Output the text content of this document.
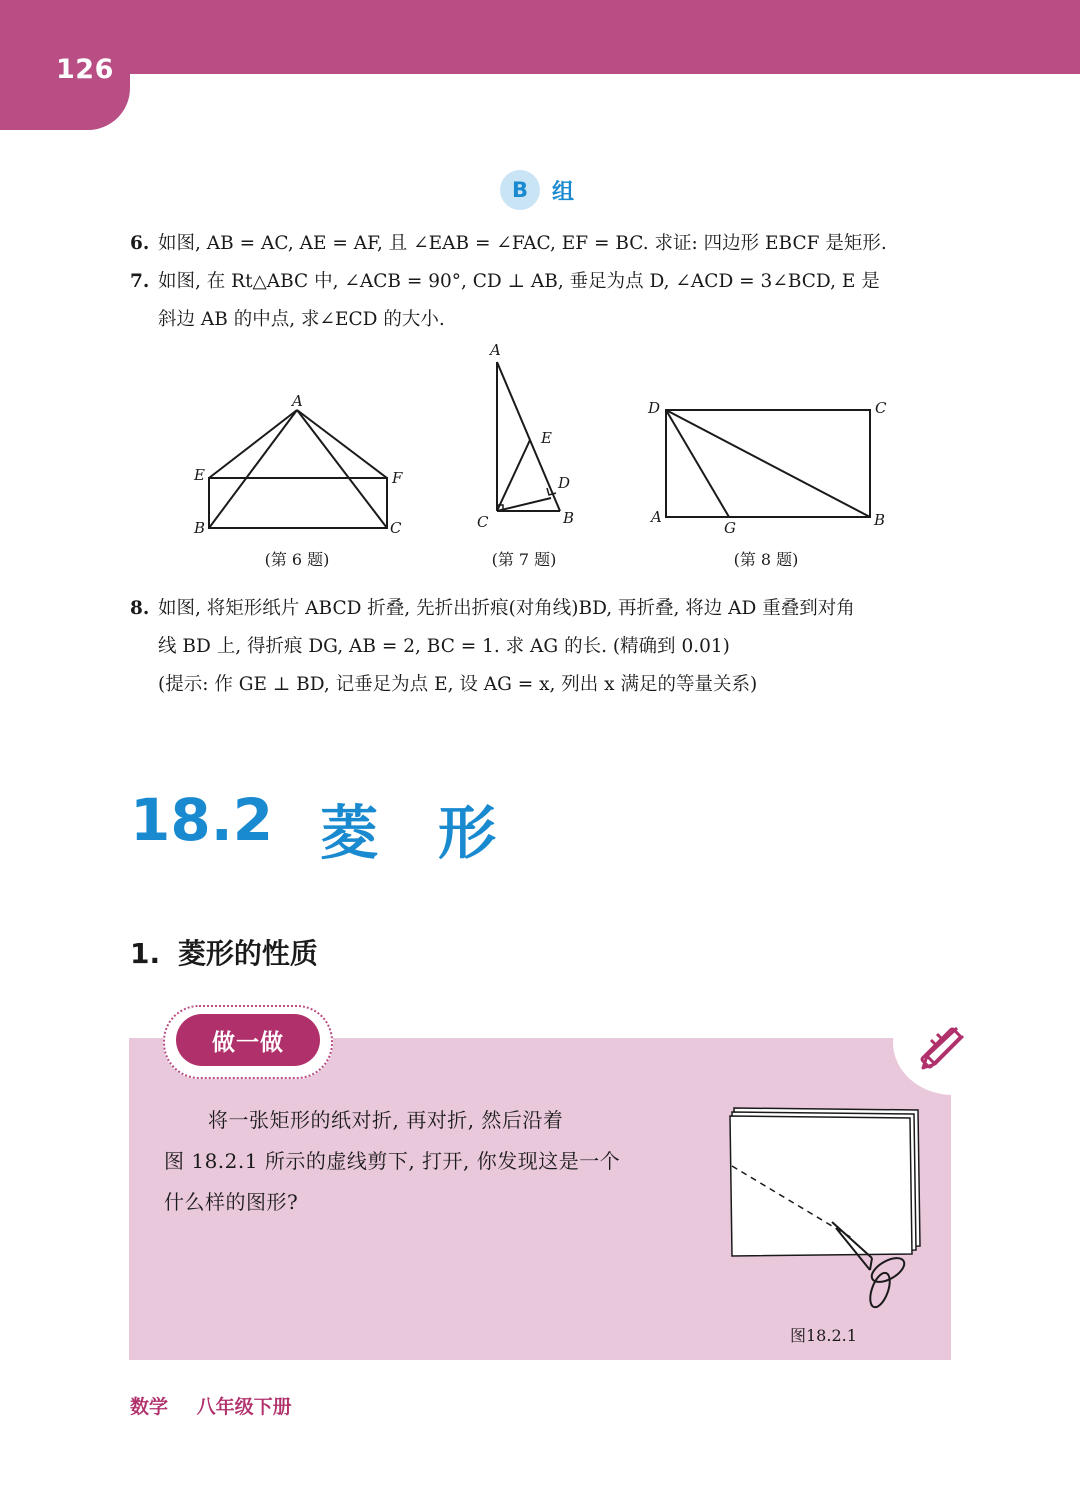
126
B	组
6. 如图, AB = AC, AE = AF, 且 ∠EAB = ∠FAC, EF = BC. 求证: 四边形 EBCF 是矩形.
7. 如图, 在 Rt△ABC 中, ∠ACB = 90°, CD ⊥ AB, 垂足为点 D, ∠ACD = 3∠BCD, E 是
斜边 AB 的中点, 求∠ECD 的大小.
A
E	F
B	C
(第 6 题)
A
E
D
C	B
(第 7 题)
D	C
A
G	B
(第 8 题)
8. 如图, 将矩形纸片 ABCD 折叠, 先折出折痕(对角线)BD, 再折叠, 将边 AD 重叠到对角
线 BD 上, 得折痕 DG, AB = 2, BC = 1. 求 AG 的长. (精确到 0.01)
(提示: 作 GE ⊥ BD, 记垂足为点 E, 设 AG = x, 列出 x 满足的等量关系)
18.2 菱 形
1. 菱形的性质
做一做
将一张矩形的纸对折, 再对折, 然后沿着
图 18.2.1 所示的虚线剪下, 打开, 你发现这是一个
什么样的图形?
图18.2.1
数学 八年级下册
